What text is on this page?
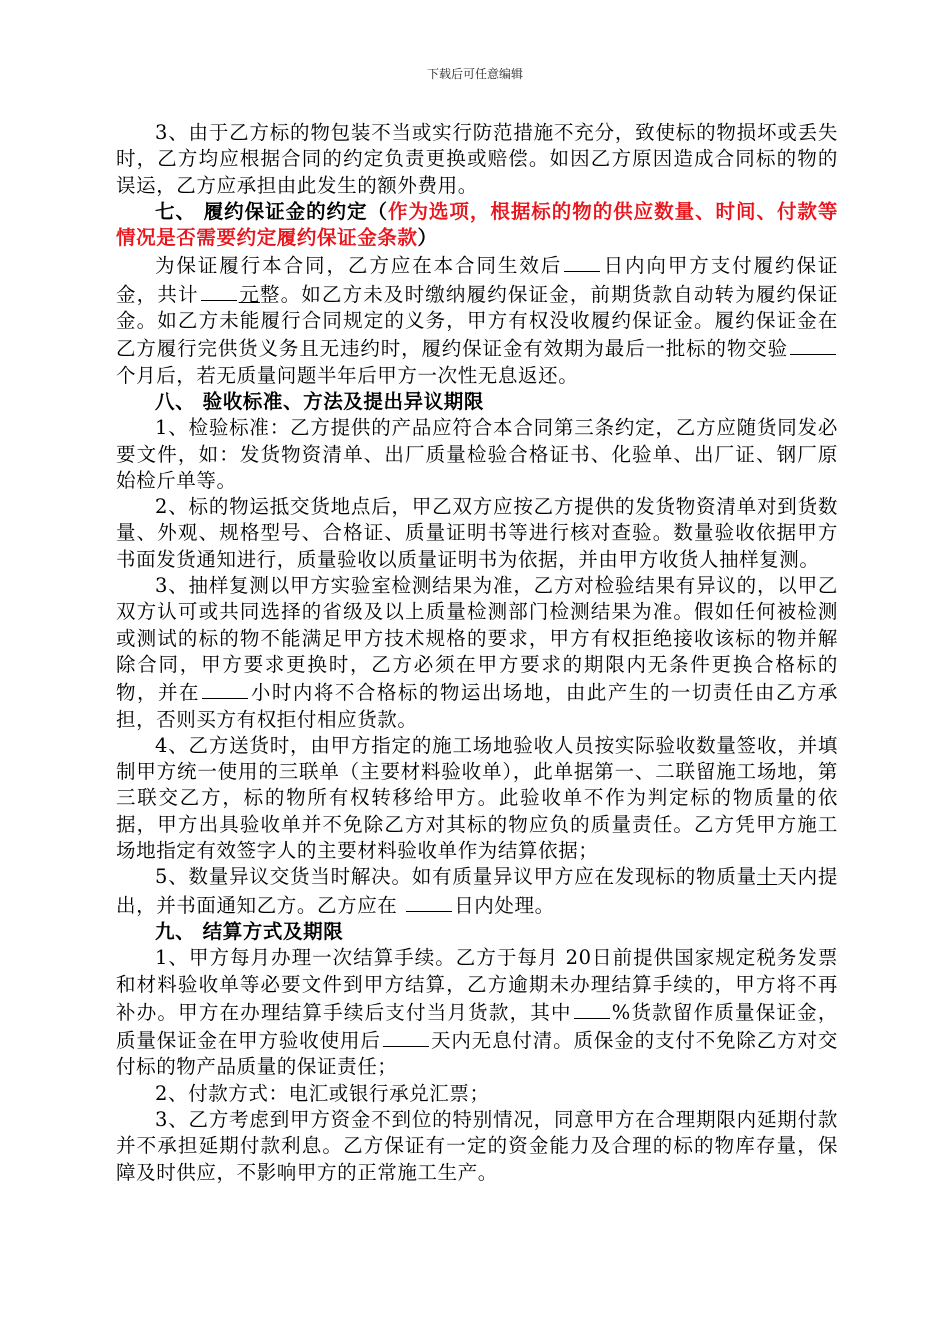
下载后可任意编辑

3、由于乙方标的物包装不当或实行防范措施不充分，致使标的物损坏或丢失时，乙方均应根据合同的约定负责更换或赔偿。如因乙方原因造成合同标的物的误运，乙方应承担由此发生的额外费用。

七、 履约保证金的约定（作为选项，根据标的物的供应数量、时间、付款等情况是否需要约定履约保证金条款）

为保证履行本合同，乙方应在本合同生效后 日内向甲方支付履约保证金，共计 元整。如乙方未及时缴纳履约保证金，前期货款自动转为履约保证金。如乙方未能履行合同规定的义务，甲方有权没收履约保证金。履约保证金在乙方履行完供货义务且无违约时，履约保证金有效期为最后一批标的物交验个月后，若无质量问题半年后甲方一次性无息返还。

八、 验收标准、方法及提出异议期限

1、检验标准：乙方提供的产品应符合本合同第三条约定，乙方应随货同发必要文件，如：发货物资清单、出厂质量检验合格证书、化验单、出厂证、钢厂原始检斤单等。

2、标的物运抵交货地点后，甲乙双方应按乙方提供的发货物资清单对到货数量、外观、规格型号、合格证、质量证明书等进行核对查验。数量验收依据甲方书面发货通知进行，质量验收以质量证明书为依据，并由甲方收货人抽样复测。

3、抽样复测以甲方实验室检测结果为准，乙方对检验结果有异议的，以甲乙双方认可或共同选择的省级及以上质量检测部门检测结果为准。假如任何被检测或测试的标的物不能满足甲方技术规格的要求，甲方有权拒绝接收该标的物并解除合同，甲方要求更换时，乙方必须在甲方要求的期限内无条件更换合格标的物，并在	小时内将不合格标的物运出场地，由此产生的一切责任由乙方承担，否则买方有权拒付相应货款。

4、乙方送货时，由甲方指定的施工场地验收人员按实际验收数量签收，并填制甲方统一使用的三联单（主要材料验收单），此单据第一、二联留施工场地，第三联交乙方，标的物所有权转移给甲方。此验收单不作为判定标的物质量的依据，甲方出具验收单并不免除乙方对其标的物应负的质量责任。乙方凭甲方施工场地指定有效签字人的主要材料验收单作为结算依据；

5、数量异议交货当时解决。如有质量异议甲方应在发现标的物质量十天内提出，并书面通知乙方。乙方应在	日内处理。

九、 结算方式及期限

1、甲方每月办理一次结算手续。乙方于每月 20日前提供国家规定税务发票和材料验收单等必要文件到甲方结算，乙方逾期未办理结算手续的，甲方将不再补办。甲方在办理结算手续后支付当月货款，其中 %货款留作质量保证金，质量保证金在甲方验收使用后	天内无息付清。质保金的支付不免除乙方对交付标的物产品质量的保证责任；

2、付款方式：电汇或银行承兑汇票；

3、乙方考虑到甲方资金不到位的特别情况，同意甲方在合理期限内延期付款并不承担延期付款利息。乙方保证有一定的资金能力及合理的标的物库存量，保障及时供应，不影响甲方的正常施工生产。
